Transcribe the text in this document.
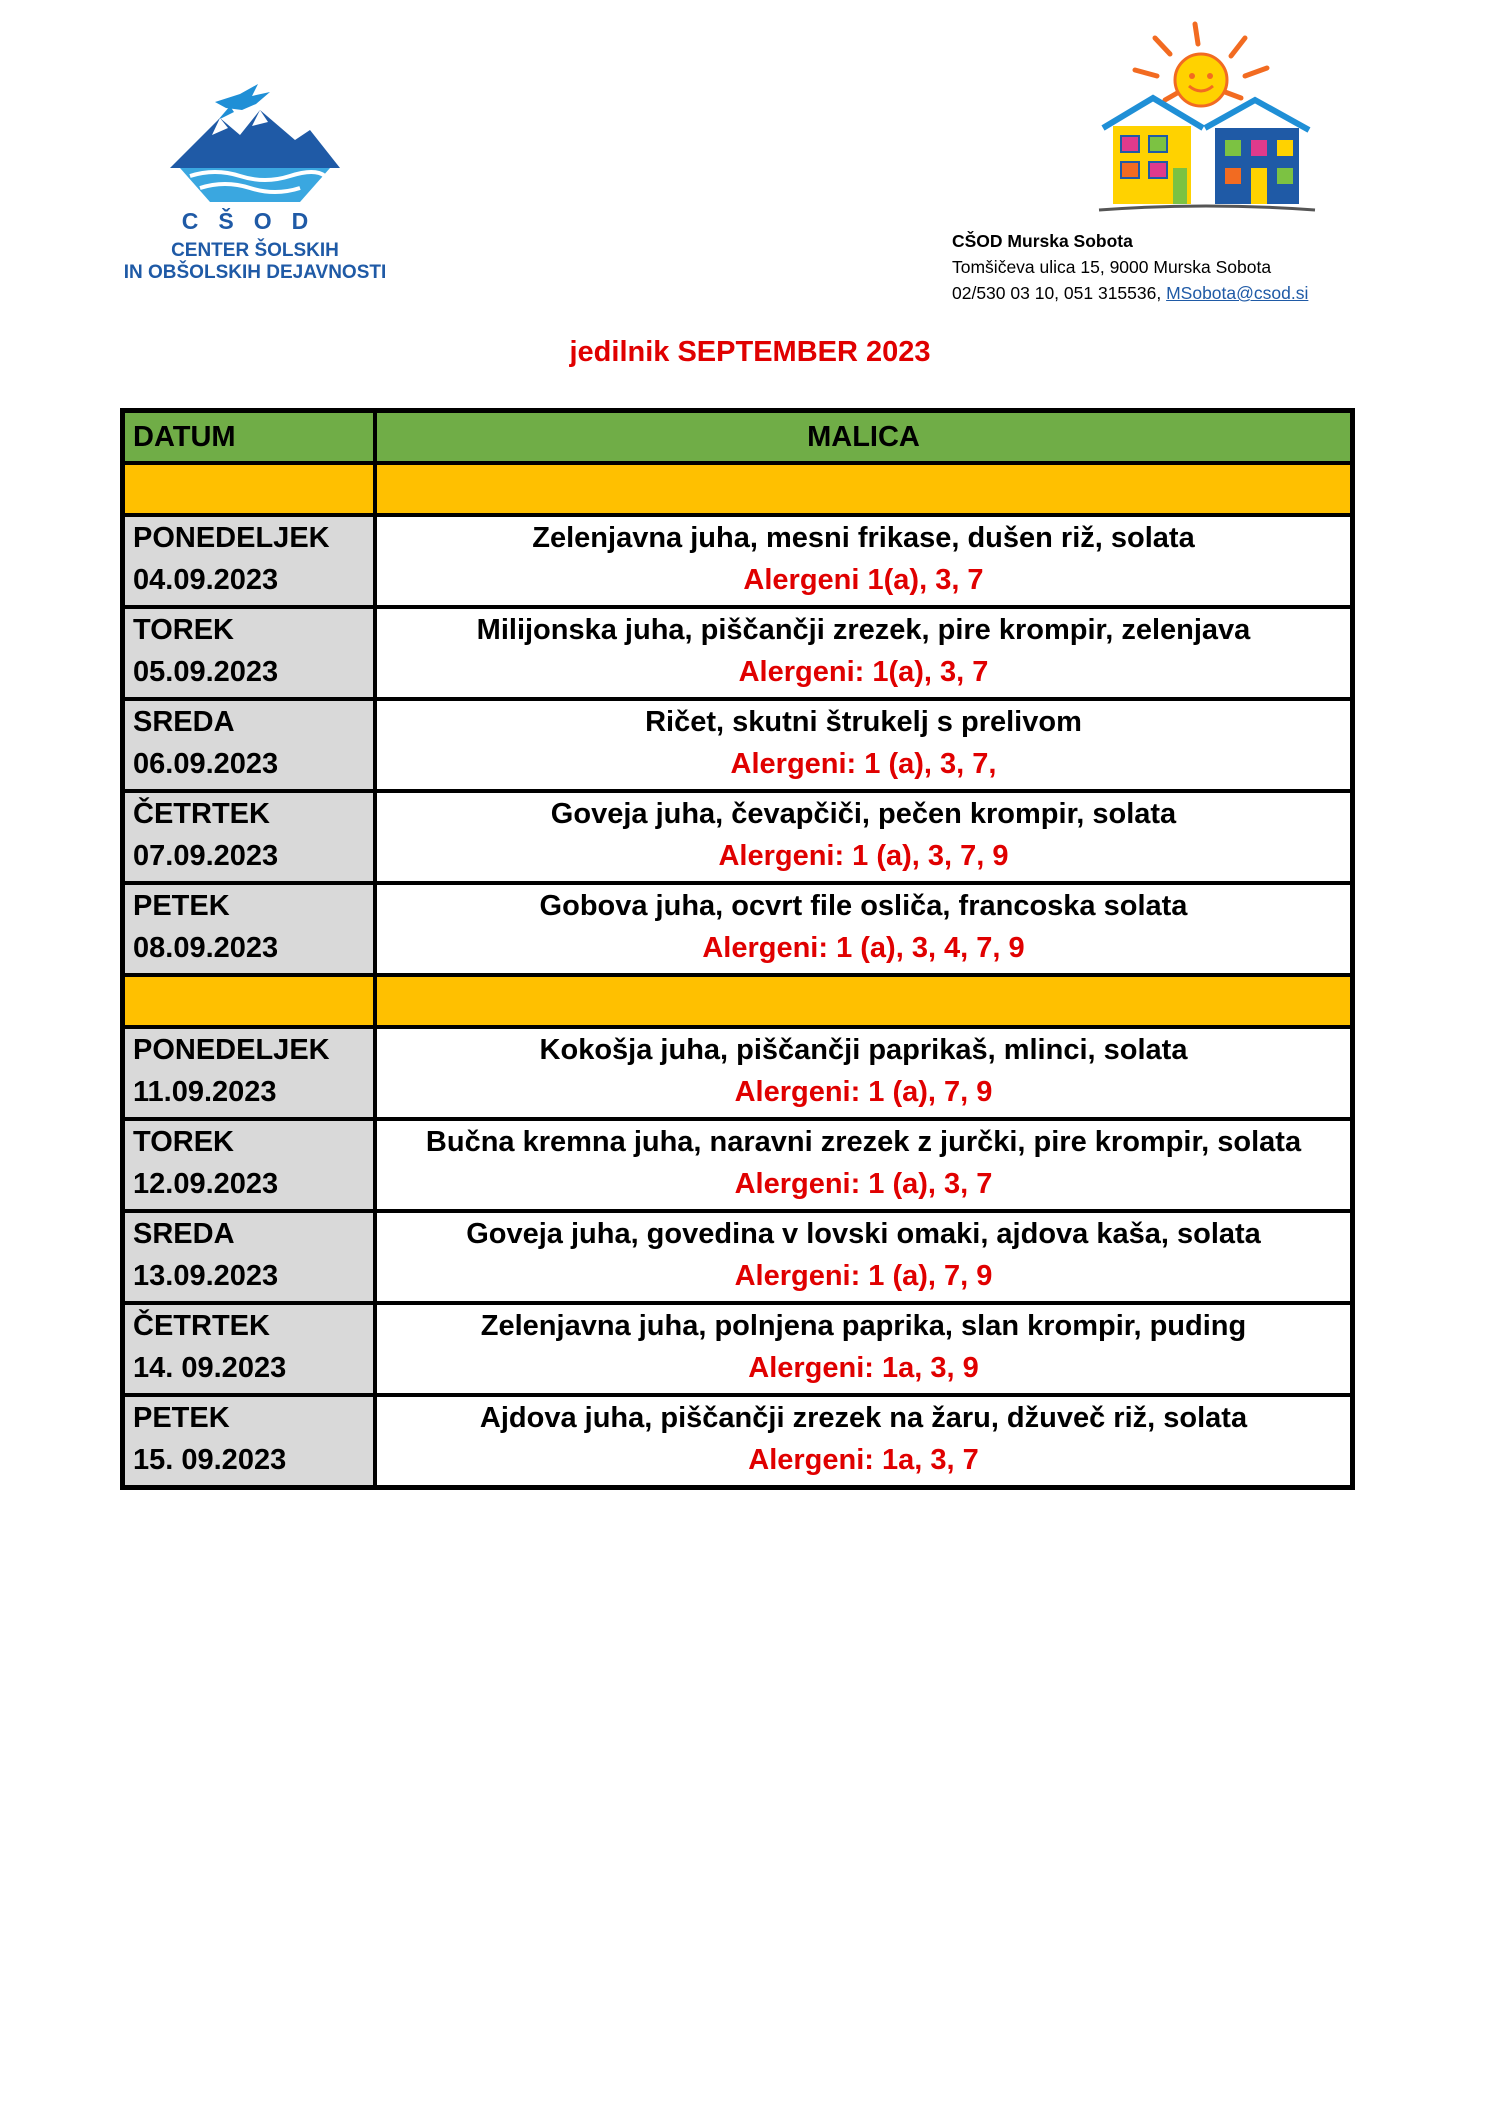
CŠOD
CENTER ŠOLSKIH
IN OBŠOLSKIH DEJAVNOSTI
CŠOD Murska Sobota
Tomšičeva ulica 15, 9000 Murska Sobota
02/530 03 10, 051 315536, MSobota@csod.si
jedilnik SEPTEMBER 2023
DATUM	MALICA

PONEDELJEK
04.09.2023	Zelenjavna juha, mesni frikase, dušen riž, solata
Alergeni 1(a), 3, 7

TOREK
05.09.2023	Milijonska juha, piščančji zrezek, pire krompir, zelenjava
Alergeni: 1(a), 3, 7

SREDA
06.09.2023	Ričet, skutni štrukelj s prelivom
Alergeni: 1 (a), 3, 7,

ČETRTEK
07.09.2023	Goveja juha, čevapčiči, pečen krompir, solata
Alergeni: 1 (a), 3, 7, 9

PETEK
08.09.2023	Gobova juha, ocvrt file osliča, francoska solata
Alergeni: 1 (a), 3, 4, 7, 9

PONEDELJEK
11.09.2023	Kokošja juha, piščančji paprikaš, mlinci, solata
Alergeni: 1 (a), 7, 9

TOREK
12.09.2023	Bučna kremna juha, naravni zrezek z jurčki, pire krompir, solata
Alergeni: 1 (a), 3, 7

SREDA
13.09.2023	Goveja juha, govedina v lovski omaki, ajdova kaša, solata
Alergeni: 1 (a), 7, 9

ČETRTEK
14. 09.2023	Zelenjavna juha, polnjena paprika, slan krompir, puding
Alergeni: 1a, 3, 9

PETEK
15. 09.2023	Ajdova juha, piščančji zrezek na žaru, džuveč riž, solata
Alergeni: 1a, 3, 7
